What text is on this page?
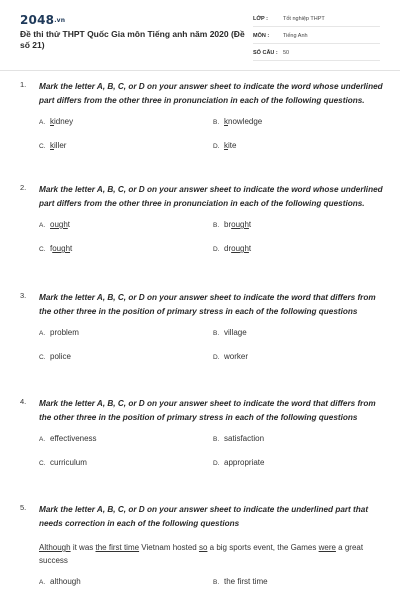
2048.vn
Đề thi thử THPT Quốc Gia môn Tiếng anh năm 2020 (Đề số 21)
LỚP :	Tốt nghiệp THPT
MÔN :	Tiếng Anh
SỐ CÂU : 50
1. Mark the letter A, B, C, or D on your answer sheet to indicate the word whose underlined part differs from the other three in pronunciation in each of the following questions.
A. kidney	B. knowledge
C. killer	D. kite
2. Mark the letter A, B, C, or D on your answer sheet to indicate the word whose underlined part differs from the other three in pronunciation in each of the following questions.
A. ought	B. brought
C. fought	D. drought
3. Mark the letter A, B, C, or D on your answer sheet to indicate the word that differs from the other three in the position of primary stress in each of the following questions
A. problem	B. village
C. police	D. worker
4. Mark the letter A, B, C, or D on your answer sheet to indicate the word that differs from the other three in the position of primary stress in each of the following questions
A. effectiveness	B. satisfaction
C. curriculum	D. appropriate
5. Mark the letter A, B, C, or D on your answer sheet to indicate the underlined part that needs correction in each of the following questions
Although it was the first time Vietnam hosted so a big sports event, the Games were a great success
A. although	B. the first time
